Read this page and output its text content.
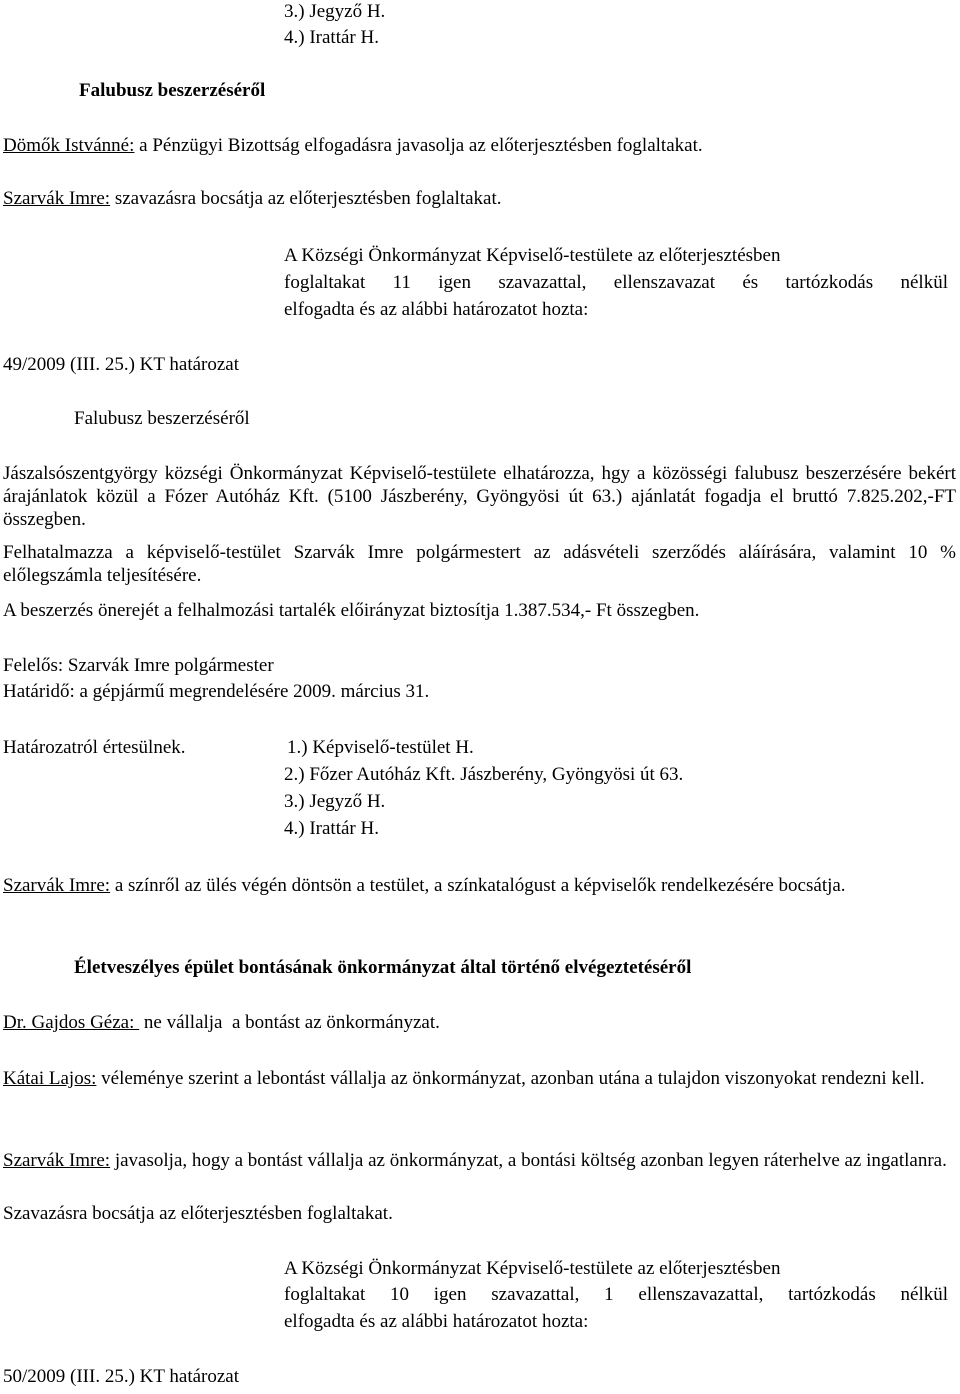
3.) Jegyző H.
4.) Irattár H.
Falubusz beszerzéséről
Dömők Istvánné: a Pénzügyi Bizottság elfogadásra javasolja az előterjesztésben foglaltakat.
Szarvák Imre: szavazásra bocsátja az előterjesztésben foglaltakat.
A Községi Önkormányzat Képviselő-testülete az előterjesztésben
foglaltakat 11 igen szavazattal, ellenszavazat és tartózkodás nélkül
elfogadta és az alábbi határozatot hozta:
49/2009 (III. 25.) KT határozat
Falubusz beszerzéséről
Jászalsószentgyörgy községi Önkormányzat Képviselő-testülete elhatározza, hgy a közösségi falubusz beszerzésére bekért árajánlatok közül a Fózer Autóház Kft. (5100 Jászberény, Gyöngyösi út 63.) ajánlatát fogadja el bruttó 7.825.202,-FT összegben.
Felhatalmazza a képviselő-testület Szarvák Imre polgármestert az adásvételi szerződés aláírására, valamint 10 % előlegszámla teljesítésére.
A beszerzés önerejét a felhalmozási tartalék előirányzat biztosítja 1.387.534,- Ft összegben.
Felelős: Szarvák Imre polgármester
Határidő: a gépjármű megrendelésére 2009. március 31.
Határozatról értesülnek.	1.) Képviselő-testület H.
2.) Főzer Autóház Kft. Jászberény, Gyöngyösi út 63.
3.) Jegyző H.
4.) Irattár H.
Szarvák Imre: a színről az ülés végén döntsön a testület, a színkatalógust a képviselők rendelkezésére bocsátja.
Életveszélyes épület bontásának önkormányzat által történő elvégeztetéséről
Dr. Gajdos Géza:  ne vállalja  a bontást az önkormányzat.
Kátai Lajos: véleménye szerint a lebontást vállalja az önkormányzat, azonban utána a tulajdon viszonyokat rendezni kell.
Szarvák Imre: javasolja, hogy a bontást vállalja az önkormányzat, a bontási költség azonban legyen ráterhelve az ingatlanra.
Szavazásra bocsátja az előterjesztésben foglaltakat.
A Községi Önkormányzat Képviselő-testülete az előterjesztésben
foglaltakat 10 igen szavazattal, 1 ellenszavazattal, tartózkodás nélkül
elfogadta és az alábbi határozatot hozta:
50/2009 (III. 25.) KT határozat
